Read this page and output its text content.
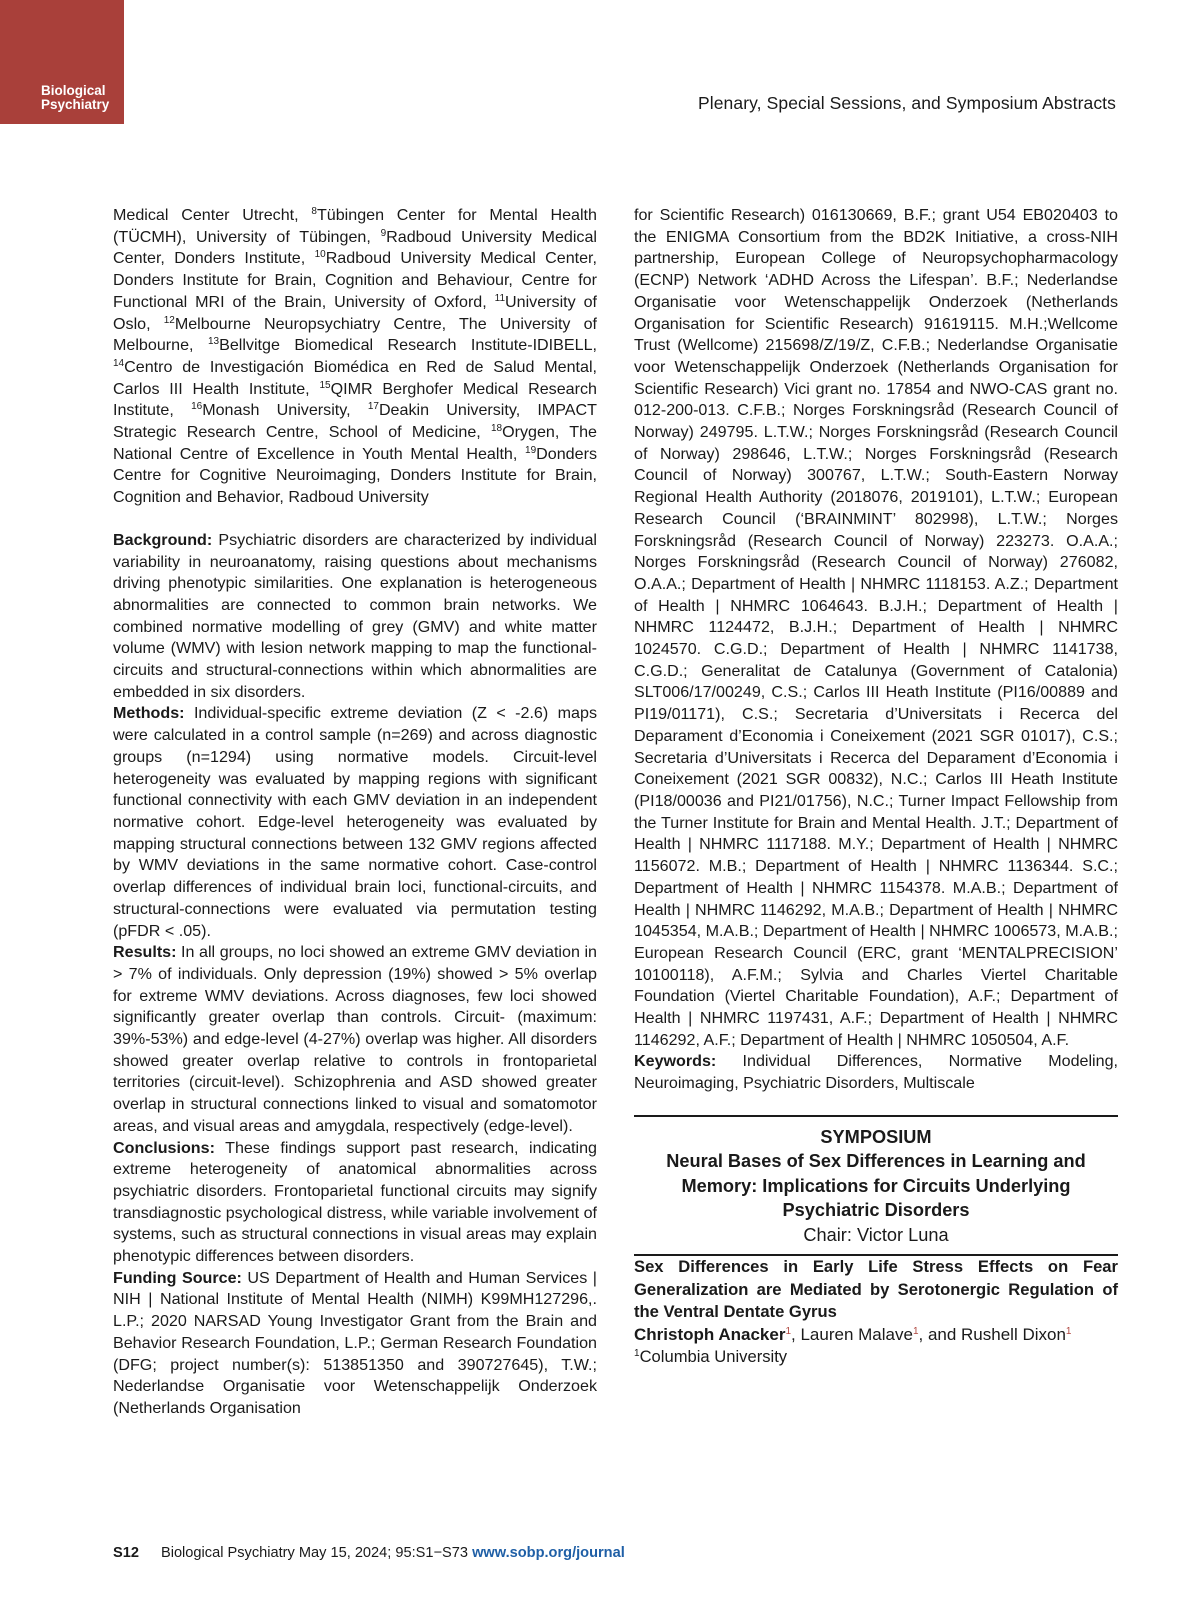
Biological
Psychiatry	Plenary, Special Sessions, and Symposium Abstracts

Medical Center Utrecht, $^8$Tübingen Center for Mental Health (TÜCMH), University of Tübingen, $^9$Radboud University Medical Center, Donders Institute, $^{10}$Radboud University Medical Center, Donders Institute for Brain, Cognition and Behaviour, Centre for Functional MRI of the Brain, University of Oxford, $^{11}$University of Oslo, $^{12}$Melbourne Neuropsychiatry Centre, The University of Melbourne, $^{13}$Bellvitge Biomedical Research Institute-IDIBELL, $^{14}$Centro de Investigación Biomédica en Red de Salud Mental, Carlos III Health Institute, $^{15}$QIMR Berghofer Medical Research Institute, $^{16}$Monash University, $^{17}$Deakin University, IMPACT Strategic Research Centre, School of Medicine, $^{18}$Orygen, The National Centre of Excellence in Youth Mental Health, $^{19}$Donders Centre for Cognitive Neuroimaging, Donders Institute for Brain, Cognition and Behavior, Radboud University

Background: Psychiatric disorders are characterized by individual variability in neuroanatomy, raising questions about mechanisms driving phenotypic similarities. One explanation is heterogeneous abnormalities are connected to common brain networks. We combined normative modelling of grey (GMV) and white matter volume (WMV) with lesion network mapping to map the functional-circuits and structural-connections within which abnormalities are embedded in six disorders.

Methods: Individual-specific extreme deviation (Z < -2.6) maps were calculated in a control sample (n=269) and across diagnostic groups (n=1294) using normative models. Circuit-level heterogeneity was evaluated by mapping regions with significant functional connectivity with each GMV deviation in an independent normative cohort. Edge-level heterogeneity was evaluated by mapping structural connections between 132 GMV regions affected by WMV deviations in the same normative cohort. Case-control overlap differences of individual brain loci, functional-circuits, and structural-connections were evaluated via permutation testing (pFDR < .05).

Results: In all groups, no loci showed an extreme GMV deviation in > 7% of individuals. Only depression (19%) showed > 5% overlap for extreme WMV deviations. Across diagnoses, few loci showed significantly greater overlap than controls. Circuit- (maximum: 39%-53%) and edge-level (4-27%) overlap was higher. All disorders showed greater overlap relative to controls in frontoparietal territories (circuit-level). Schizophrenia and ASD showed greater overlap in structural connections linked to visual and somatomotor areas, and visual areas and amygdala, respectively (edge-level).

Conclusions: These findings support past research, indicating extreme heterogeneity of anatomical abnormalities across psychiatric disorders. Frontoparietal functional circuits may signify transdiagnostic psychological distress, while variable involvement of systems, such as structural connections in visual areas may explain phenotypic differences between disorders.

Funding Source: US Department of Health and Human Services | NIH | National Institute of Mental Health (NIMH) K99MH127296,. L.P.; 2020 NARSAD Young Investigator Grant from the Brain and Behavior Research Foundation, L.P.; German Research Foundation (DFG; project number(s): 513851350 and 390727645), T.W.; Nederlandse Organisatie voor Wetenschappelijk Onderzoek (Netherlands Organisation

for Scientific Research) 016130669, B.F.; grant U54 EB020403 to the ENIGMA Consortium from the BD2K Initiative, a cross-NIH partnership, European College of Neuropsychopharmacology (ECNP) Network ‘ADHD Across the Lifespan’. B.F.; Nederlandse Organisatie voor Wetenschappelijk Onderzoek (Netherlands Organisation for Scientific Research) 91619115. M.H.;Wellcome Trust (Wellcome) 215698/Z/19/Z, C.F.B.; Nederlandse Organisatie voor Wetenschappelijk Onderzoek (Netherlands Organisation for Scientific Research) Vici grant no. 17854 and NWO-CAS grant no. 012-200-013. C.F.B.; Norges Forskningsråd (Research Council of Norway) 249795. L.T.W.; Norges Forskningsråd (Research Council of Norway) 298646, L.T.W.; Norges Forskningsråd (Research Council of Norway) 300767, L.T.W.; South-Eastern Norway Regional Health Authority (2018076, 2019101), L.T.W.; European Research Council (‘BRAINMINT’ 802998), L.T.W.; Norges Forskningsråd (Research Council of Norway) 223273. O.A.A.; Norges Forskningsråd (Research Council of Norway) 276082, O.A.A.; Department of Health | NHMRC 1118153. A.Z.; Department of Health | NHMRC 1064643. B.J.H.; Department of Health | NHMRC 1124472, B.J.H.; Department of Health | NHMRC 1024570. C.G.D.; Department of Health | NHMRC 1141738, C.G.D.; Generalitat de Catalunya (Government of Catalonia) SLT006/17/00249, C.S.; Carlos III Heath Institute (PI16/00889 and PI19/01171), C.S.; Secretaria d’Universitats i Recerca del Deparament d’Economia i Coneixement (2021 SGR 01017), C.S.; Secretaria d’Universitats i Recerca del Deparament d’Economia i Coneixement (2021 SGR 00832), N.C.; Carlos III Heath Institute (PI18/00036 and PI21/01756), N.C.; Turner Impact Fellowship from the Turner Institute for Brain and Mental Health. J.T.; Department of Health | NHMRC 1117188. M.Y.; Department of Health | NHMRC 1156072. M.B.; Department of Health | NHMRC 1136344. S.C.; Department of Health | NHMRC 1154378. M.A.B.; Department of Health | NHMRC 1146292, M.A.B.; Department of Health | NHMRC 1045354, M.A.B.; Department of Health | NHMRC 1006573, M.A.B.; European Research Council (ERC, grant ‘MENTALPRECISION’ 10100118), A.F.M.; Sylvia and Charles Viertel Charitable Foundation (Viertel Charitable Foundation), A.F.; Department of Health | NHMRC 1197431, A.F.; Department of Health | NHMRC 1146292, A.F.; Department of Health | NHMRC 1050504, A.F.

Keywords: Individual Differences, Normative Modeling, Neuroimaging, Psychiatric Disorders, Multiscale

SYMPOSIUM
Neural Bases of Sex Differences in Learning and Memory: Implications for Circuits Underlying Psychiatric Disorders
Chair: Victor Luna

Sex Differences in Early Life Stress Effects on Fear Generalization are Mediated by Serotonergic Regulation of the Ventral Dentate Gyrus

Christoph Anacker$^1$, Lauren Malave$^1$, and Rushell Dixon$^1$

$^1$Columbia University

S12 Biological Psychiatry May 15, 2024; 95:S1−S73 www.sobp.org/journal
